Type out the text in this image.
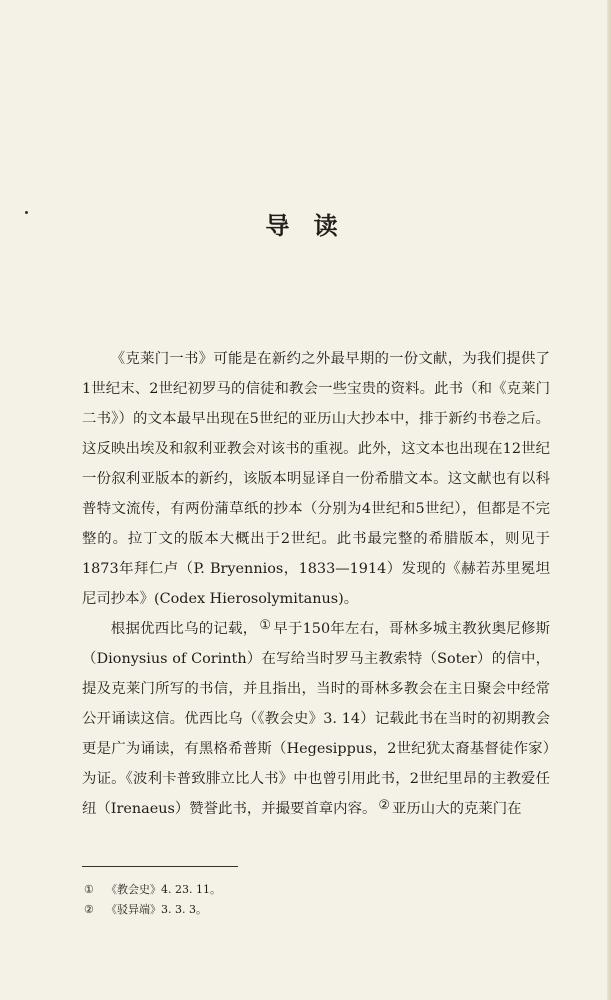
导 读

《克莱门一书》可能是在新约之外最早期的一份文献，为我们提供了1世纪末、2世纪初罗马的信徒和教会一些宝贵的资料。此书（和《克莱门二书》）的文本最早出现在5世纪的亚历山大抄本中，排于新约书卷之后。这反映出埃及和叙利亚教会对该书的重视。此外，这文本也出现在12世纪一份叙利亚版本的新约，该版本明显译自一份希腊文本。这文献也有以科普特文流传，有两份蒲草纸的抄本（分别为4世纪和5世纪），但都是不完整的。拉丁文的版本大概出于2世纪。此书最完整的希腊版本，则见于1873年拜仁卢（P. Bryennios，1833—1914）发现的《赫若苏里冕坦尼司抄本》(Codex Hierosolymitanus)。

根据优西比乌的记载， ① 早于150年左右，哥林多城主教狄奥尼修斯（Dionysius of Corinth）在写给当时罗马主教索特（Soter）的信中，提及克莱门所写的书信，并且指出，当时的哥林多教会在主日聚会中经常公开诵读这信。优西比乌（《教会史》3. 14）记载此书在当时的初期教会更是广为诵读，有黑格希普斯（Hegesippus，2世纪犹太裔基督徒作家）为证。《波利卡普致腓立比人书》中也曾引用此书，2世纪里昂的主教爱任纽（Irenaeus）赞誉此书，并撮要首章内容。 ② 亚历山大的克莱门在

①	《教会史》4. 23. 11。
②	《驳异端》3. 3. 3。
